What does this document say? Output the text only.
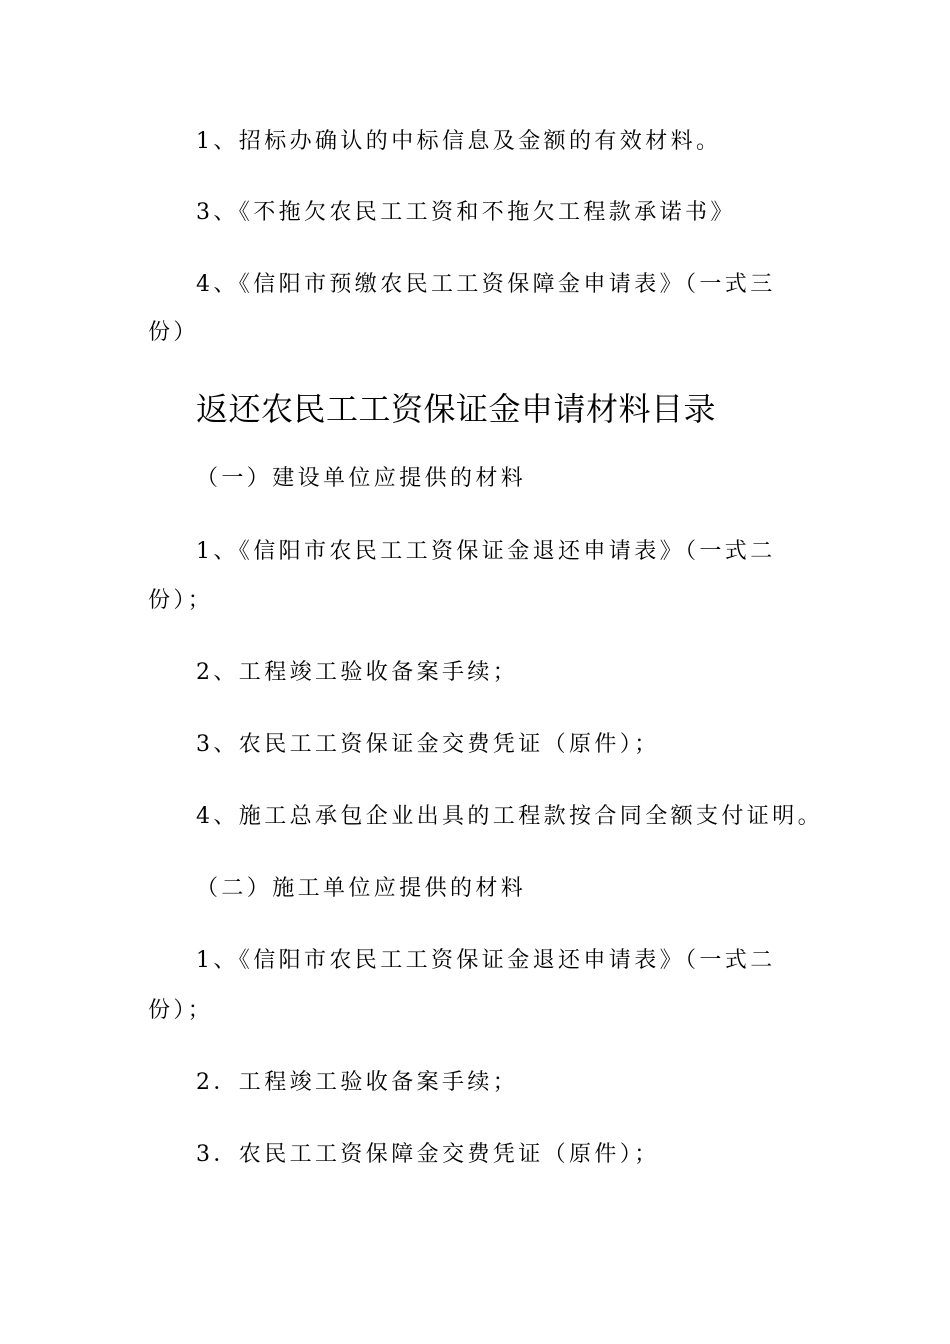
1、招标办确认的中标信息及金额的有效材料。
3、《不拖欠农民工工资和不拖欠工程款承诺书》
4、《信阳市预缴农民工工资保障金申请表》（一式三
份）
返还农民工工资保证金申请材料目录
（一）建设单位应提供的材料
1、《信阳市农民工工资保证金退还申请表》（一式二
份）；
2、工程竣工验收备案手续；
3、农民工工资保证金交费凭证（原件）；
4、施工总承包企业出具的工程款按合同全额支付证明。
（二）施工单位应提供的材料
1、《信阳市农民工工资保证金退还申请表》（一式二
份）；
2．工程竣工验收备案手续；
3．农民工工资保障金交费凭证（原件）；
